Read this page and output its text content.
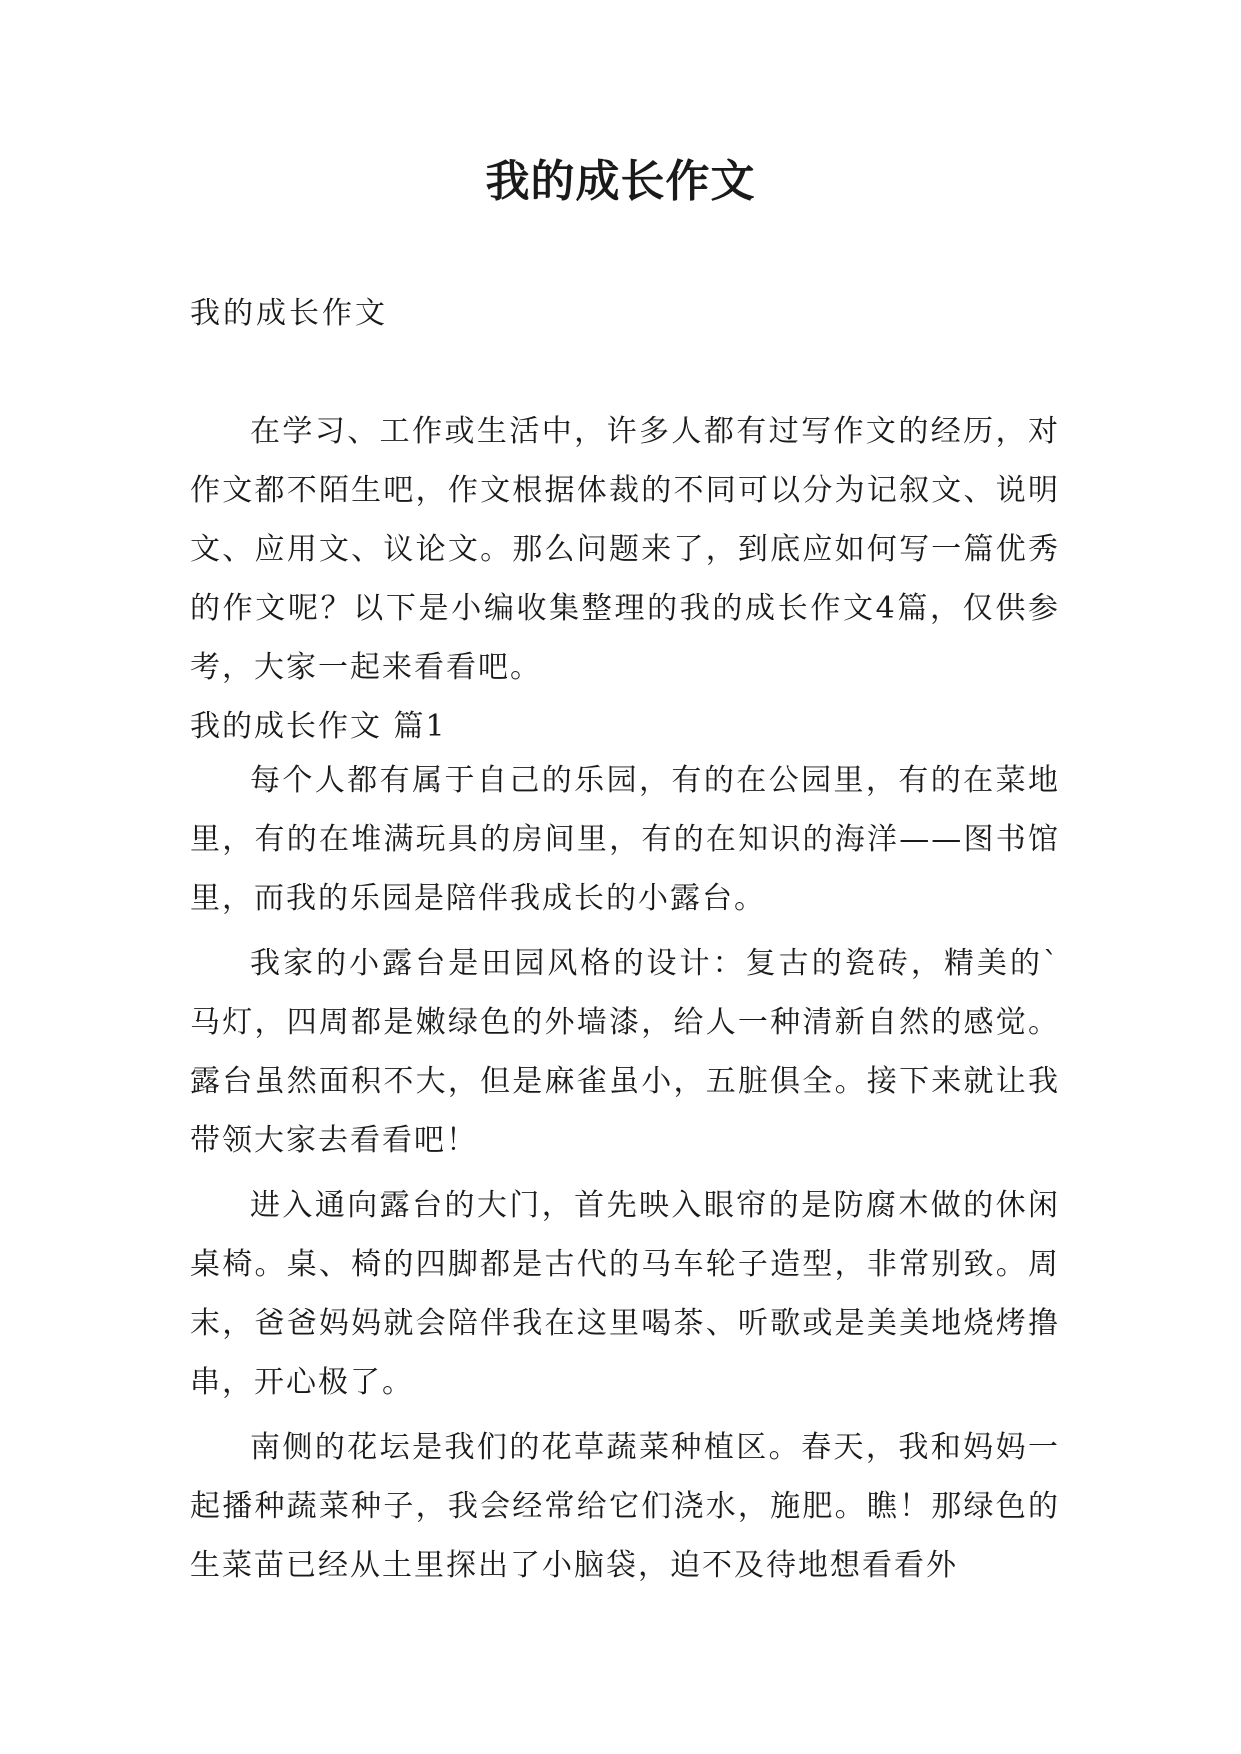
我的成长作文

我的成长作文

在学习、工作或生活中，许多人都有过写作文的经历，对作文都不陌生吧，作文根据体裁的不同可以分为记叙文、说明文、应用文、议论文。那么问题来了，到底应如何写一篇优秀的作文呢？以下是小编收集整理的我的成长作文4篇，仅供参考，大家一起来看看吧。

我的成长作文 篇1

每个人都有属于自己的乐园，有的在公园里，有的在菜地里，有的在堆满玩具的房间里，有的在知识的海洋——图书馆里，而我的乐园是陪伴我成长的小露台。

我家的小露台是田园风格的设计：复古的瓷砖，精美的`马灯，四周都是嫩绿色的外墙漆，给人一种清新自然的感觉。露台虽然面积不大，但是麻雀虽小，五脏俱全。接下来就让我带领大家去看看吧！

进入通向露台的大门，首先映入眼帘的是防腐木做的休闲桌椅。桌、椅的四脚都是古代的马车轮子造型，非常别致。周末，爸爸妈妈就会陪伴我在这里喝茶、听歌或是美美地烧烤撸串，开心极了。

南侧的花坛是我们的花草蔬菜种植区。春天，我和妈妈一起播种蔬菜种子，我会经常给它们浇水，施肥。瞧！那绿色的生菜苗已经从土里探出了小脑袋，迫不及待地想看看外
